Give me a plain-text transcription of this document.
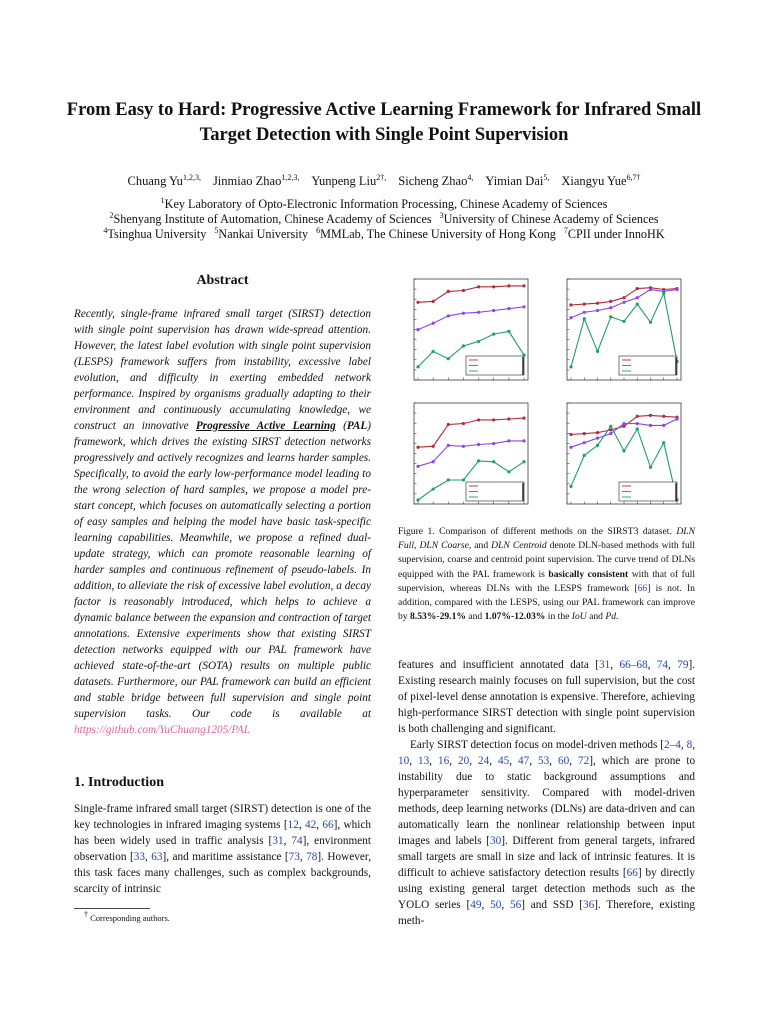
From Easy to Hard: Progressive Active Learning Framework for Infrared Small
Target Detection with Single Point Supervision
Chuang $Yu^{1,2,3,}$ Jinmiao Zhao$^{1,2,3,}$ Yunpeng Liu$^{2\dagger,}$ Sicheng Zhao$^{4,}$ Yimian Dai$^{5,}$ Xiangyu Yue$^{6,7\dagger}$
$^1$Key Laboratory of Opto-Electronic Information Processing, Chinese Academy of Sciences
$^2$Shenyang Institute of Automation, Chinese Academy of Sciences $^3$University of Chinese Academy of Sciences
$^4$Tsinghua University $^5$Nankai University $^6$MMLab, The Chinese University of Hong Kong $^7$CPII under InnoHK
Abstract
Recently, single-frame infrared small target (SIRST) detection with single point supervision has drawn wide-spread attention. However, the latest label evolution with single point supervision (LESPS) framework suffers from instability, excessive label evolution, and difficulty in exerting embedded network performance. Inspired by organisms gradually adapting to their environment and continuously accumulating knowledge, we construct an innovative Progressive Active Learning (PAL) framework, which drives the existing SIRST detection networks progressively and actively recognizes and learns harder samples. Specifically, to avoid the early low-performance model leading to the wrong selection of hard samples, we propose a model pre-start concept, which focuses on automatically selecting a portion of easy samples and helping the model have basic task-specific learning capabilities. Meanwhile, we propose a refined dual-update strategy, which can promote reasonable learning of harder samples and continuous refinement of pseudo-labels. In addition, to alleviate the risk of excessive label evolution, a decay factor is reasonably introduced, which helps to achieve a dynamic balance between the expansion and contraction of target annotations. Extensive experiments show that existing SIRST detection networks equipped with our PAL framework have achieved state-of-the-art (SOTA) results on multiple public datasets. Furthermore, our PAL framework can build an efficient and stable bridge between full supervision and single point supervision tasks. Our code is available at https://github.com/YuChuang1205/PAL
1. Introduction
Single-frame infrared small target (SIRST) detection is one of the key technologies in infrared imaging systems [12, 42, 66], which has been widely used in traffic analysis [31, 74], environment observation [33, 63], and maritime assistance [73, 78]. However, this task faces many challenges, such as complex backgrounds, scarcity of intrinsic
† Corresponding authors.
Figure 1. Comparison of different methods on the SIRST3 dataset. DLN Full, DLN Coarse, and DLN Centroid denote DLN-based methods with full supervision, coarse and centroid point supervision. The curve trend of DLNs equipped with the PAL framework is basically consistent with that of full supervision, whereas DLNs with the LESPS framework [66] is not. In addition, compared with the LESPS, using our PAL framework can improve by 8.53%-29.1% and 1.07%-12.03% in the IoU and Pd.
features and insufficient annotated data [31, 66–68, 74, 79]. Existing research mainly focuses on full supervision, but the cost of pixel-level dense annotation is expensive. Therefore, achieving high-performance SIRST detection with single point supervision is both challenging and significant.
Early SIRST detection focus on model-driven methods [2–4, 8, 10, 13, 16, 20, 24, 45, 47, 53, 60, 72], which are prone to instability due to static background assumptions and hyperparameter sensitivity. Compared with model-driven methods, deep learning networks (DLNs) are data-driven and can automatically learn the nonlinear relationship between input images and labels [30]. Different from general targets, infrared small targets are small in size and lack of intrinsic features. It is difficult to achieve satisfactory detection results [66] by directly using existing general target detection methods such as the YOLO series [49, 50, 56] and SSD [36]. Therefore, existing meth-
